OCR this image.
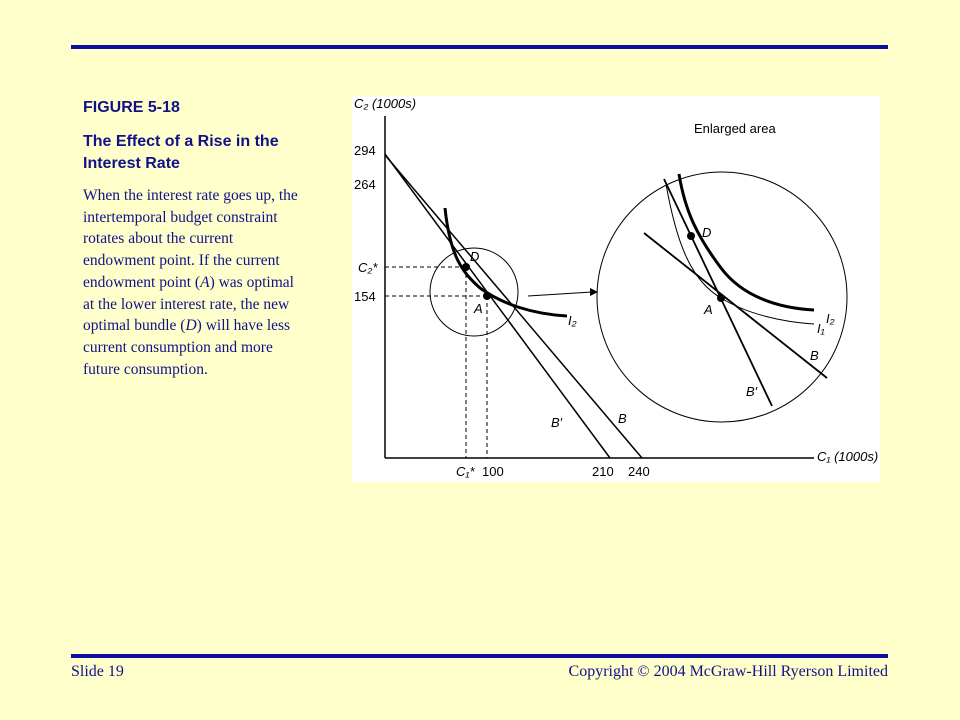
FIGURE 5-18
The Effect of a Rise in the Interest Rate

When the interest rate goes up, the intertemporal budget constraint rotates about the current endowment point. If the current endowment point (A) was optimal at the lower interest rate, the new optimal bundle (D) will have less current consumption and more future consumption.

C₂ (1000s)
C₁ (1000s)
294
264
C₂*
154
C₁* 100	210 240
D
A
I₂
B′	B
Enlarged area
D
A
I₂
I₁
B
B′
Slide 19	Copyright © 2004 McGraw-Hill Ryerson Limited
